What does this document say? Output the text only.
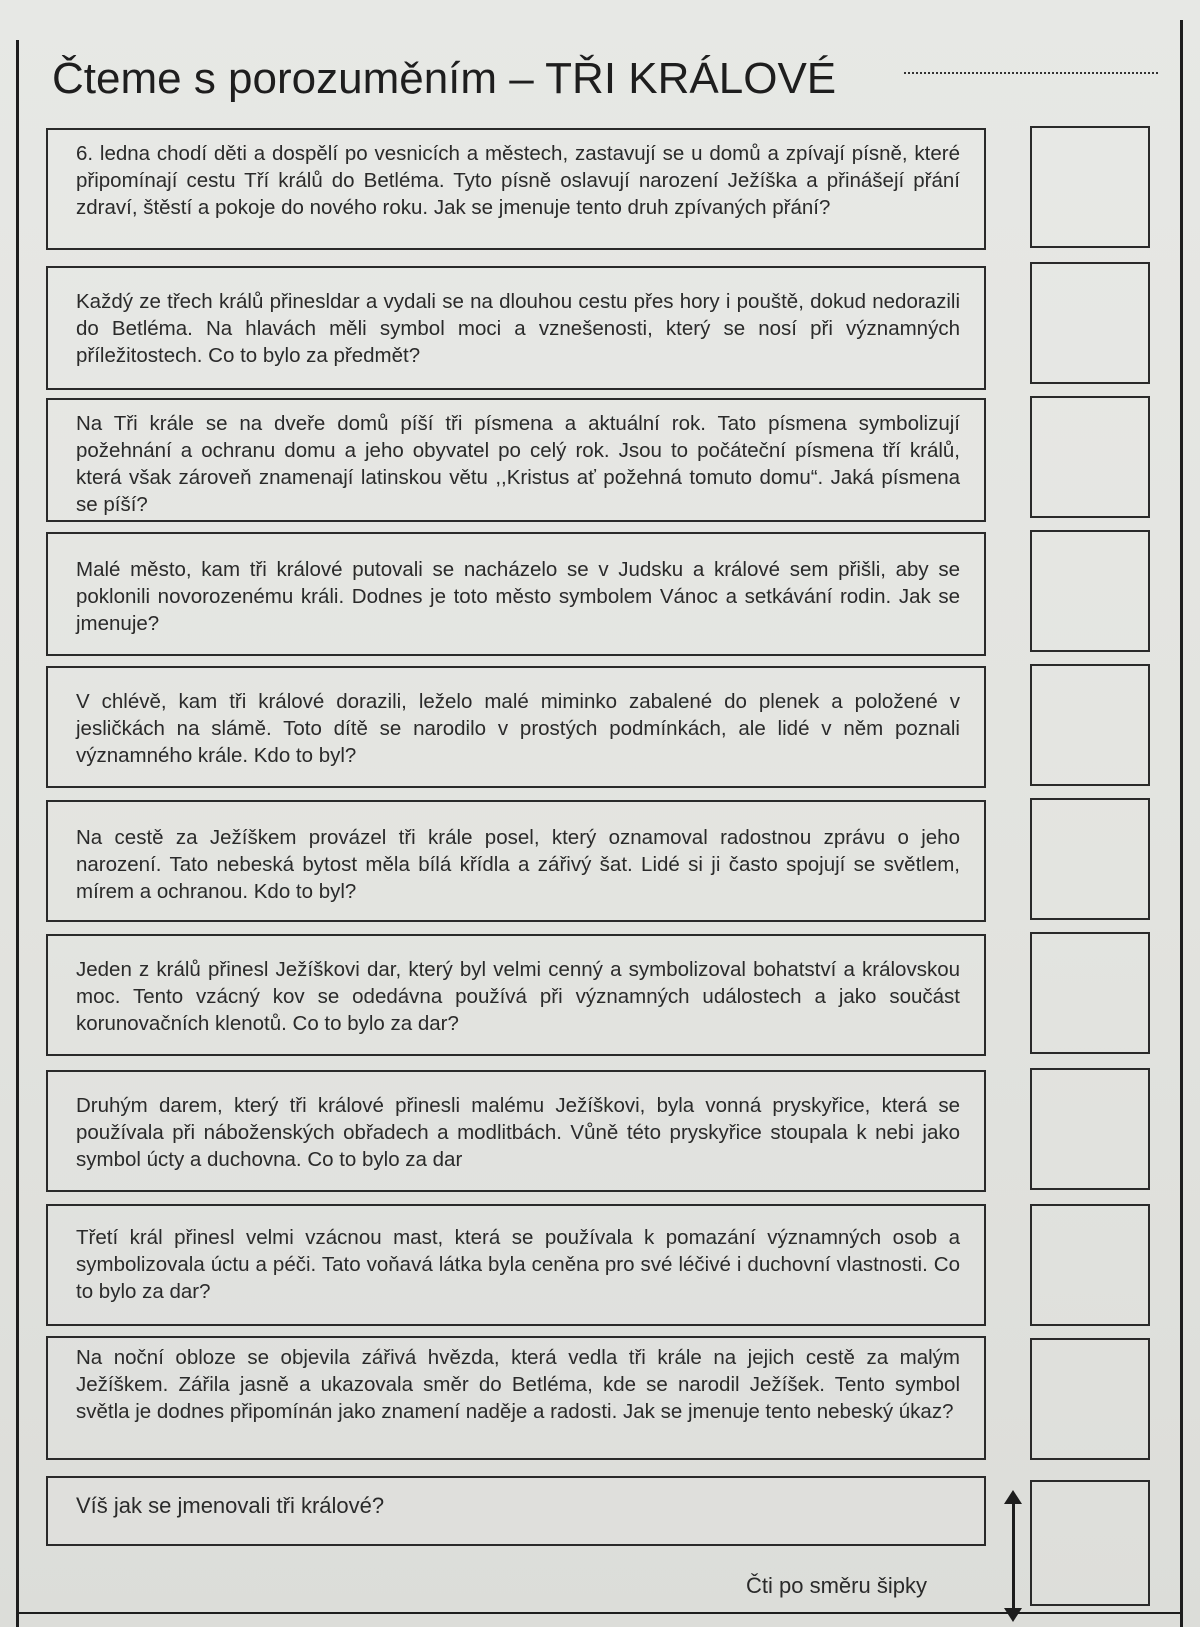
Čteme s porozuměním – TŘI KRÁLOVÉ
6. ledna chodí děti a dospělí po vesnicích a městech, zastavují se u domů a zpívají písně, které připomínají cestu Tří králů do Betléma. Tyto písně oslavují narození Ježíška a přinášejí přání zdraví, štěstí a pokoje do nového roku. Jak se jmenuje tento druh zpívaných přání?
Každý ze třech králů přinesldar a vydali se na dlouhou cestu přes hory i pouště, dokud nedorazili do Betléma. Na hlavách měli symbol moci a vznešenosti, který se nosí při významných příležitostech. Co to bylo za předmět?
Na Tři krále se na dveře domů píší tři písmena a aktuální rok. Tato písmena symbolizují požehnání a ochranu domu a jeho obyvatel po celý rok. Jsou to počáteční písmena tří králů, která však zároveň znamenají latinskou větu ,,Kristus ať požehná tomuto domu“. Jaká písmena se píší?
Malé město, kam tři králové putovali se nacházelo se v Judsku a králové sem přišli, aby se poklonili novorozenému králi. Dodnes je toto město symbolem Vánoc a setkávání rodin. Jak se jmenuje?
V chlévě, kam tři králové dorazili, leželo malé miminko zabalené do plenek a položené v jesličkách na slámě. Toto dítě se narodilo v prostých podmínkách, ale lidé v něm poznali významného krále. Kdo to byl?
Na cestě za Ježíškem provázel tři krále posel, který oznamoval radostnou zprávu o jeho narození. Tato nebeská bytost měla bílá křídla a zářivý šat. Lidé si ji často spojují se světlem, mírem a ochranou. Kdo to byl?
Jeden z králů přinesl Ježíškovi dar, který byl velmi cenný a symbolizoval bohatství a královskou moc. Tento vzácný kov se odedávna používá při významných událostech a jako součást korunovačních klenotů. Co to bylo za dar?
Druhým darem, který tři králové přinesli malému Ježíškovi, byla vonná pryskyřice, která se používala při náboženských obřadech a modlitbách. Vůně této pryskyřice stoupala k nebi jako symbol úcty a duchovna. Co to bylo za dar
Třetí král přinesl velmi vzácnou mast, která se používala k pomazání významných osob a symbolizovala úctu a péči. Tato voňavá látka byla ceněna pro své léčivé i duchovní vlastnosti. Co to bylo za dar?
Na noční obloze se objevila zářivá hvězda, která vedla tři krále na jejich cestě za malým Ježíškem. Zářila jasně a ukazovala směr do Betléma, kde se narodil Ježíšek. Tento symbol světla je dodnes připomínán jako znamení naděje a radosti. Jak se jmenuje tento nebeský úkaz?
Víš jak se jmenovali tři králové?
Čti po směru šipky
